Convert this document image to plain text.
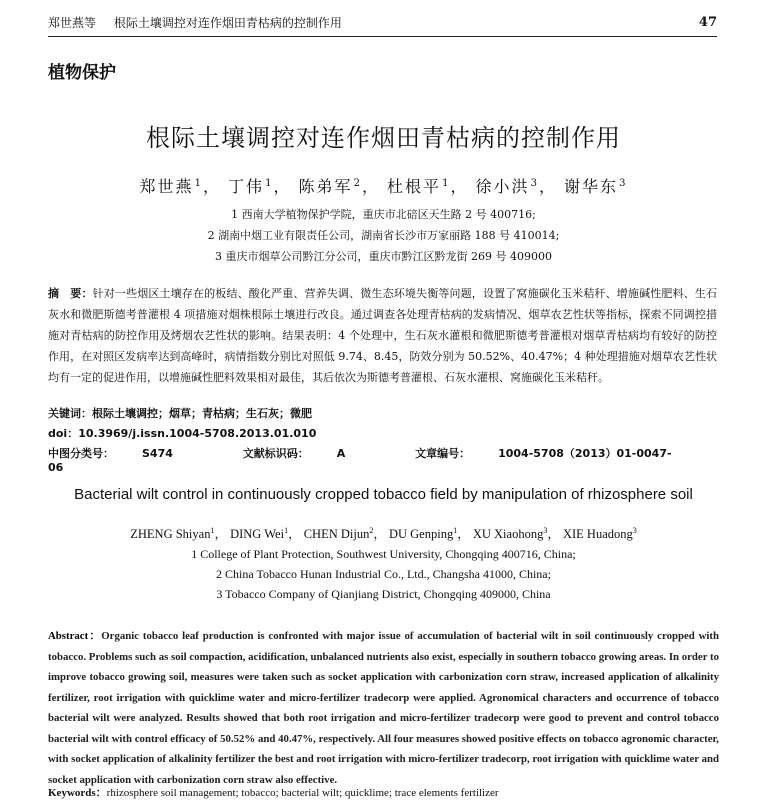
郑世燕等 根际土壤调控对连作烟田青枯病的控制作用	47
植物保护
根际土壤调控对连作烟田青枯病的控制作用
郑世燕$^1$， 丁伟$^1$， 陈弟军$^2$， 杜根平$^1$， 徐小洪$^3$， 谢华东$^3$
1 西南大学植物保护学院，重庆市北碚区天生路 2 号 400716;
2 湖南中烟工业有限责任公司，湖南省长沙市万家丽路 188 号 410014;
3 重庆市烟草公司黔江分公司，重庆市黔江区黔龙街 269 号 409000
摘　要：针对一些烟区土壤存在的板结、酸化严重、营养失调、微生态环境失衡等问题，设置了窝施碳化玉米秸秆、增施碱性肥料、生石灰水和微肥斯德考普灌根 4 项措施对烟株根际土壤进行改良。通过调查各处理青枯病的发病情况、烟草农艺性状等指标，探索不同调控措施对青枯病的防控作用及烤烟农艺性状的影响。结果表明：4 个处理中，生石灰水灌根和微肥斯德考普灌根对烟草青枯病均有较好的防控作用，在对照区发病率达到高峰时，病情指数分别比对照低 9.74、8.45，防效分别为 50.52%、40.47%；4 种处理措施对烟草农艺性状均有一定的促进作用，以增施碱性肥料效果相对最佳，其后依次为斯德考普灌根、石灰水灌根、窝施碳化玉米秸秆。
关键词：根际土壤调控；烟草；青枯病；生石灰；微肥
doi：10.3969/j.issn.1004-5708.2013.01.010
中图分类号：	S474	文献标识码：	A	文章编号：	1004-5708（2013）01-0047-06
Bacterial wilt control in continuously cropped tobacco field by manipulation of rhizosphere soil
ZHENG Shiyan$^1$， DING Wei$^1$， CHEN Dijun$^2$， DU Genping$^1$， XU Xiaohong$^3$， XIE Huadong$^3$
1 College of Plant Protection, Southwest University, Chongqing 400716, China;
2 China Tobacco Hunan Industrial Co., Ltd., Changsha 41000, China;
3 Tobacco Company of Qianjiang District, Chongqing 409000, China
Abstract：Organic tobacco leaf production is confronted with major issue of accumulation of bacterial wilt in soil continuously cropped with tobacco. Problems such as soil compaction, acidification, unbalanced nutrients also exist, especially in southern tobacco growing areas. In order to improve tobacco growing soil, measures were taken such as socket application with carbonization corn straw, increased application of alkalinity fertilizer, root irrigation with quicklime water and micro-fertilizer tradecorp were applied. Agronomical characters and occurrence of tobacco bacterial wilt were analyzed. Results showed that both root irrigation and micro-fertilizer tradecorp were good to prevent and control tobacco bacterial wilt with control efficacy of 50.52% and 40.47%, respectively. All four measures showed positive effects on tobacco agronomic character, with socket application of alkalinity fertilizer the best and root irrigation with micro-fertilizer tradecorp, root irrigation with quicklime water and socket application with carbonization corn straw also effective.
Keywords：rhizosphere soil management; tobacco; bacterial wilt; quicklime; trace elements fertilizer
